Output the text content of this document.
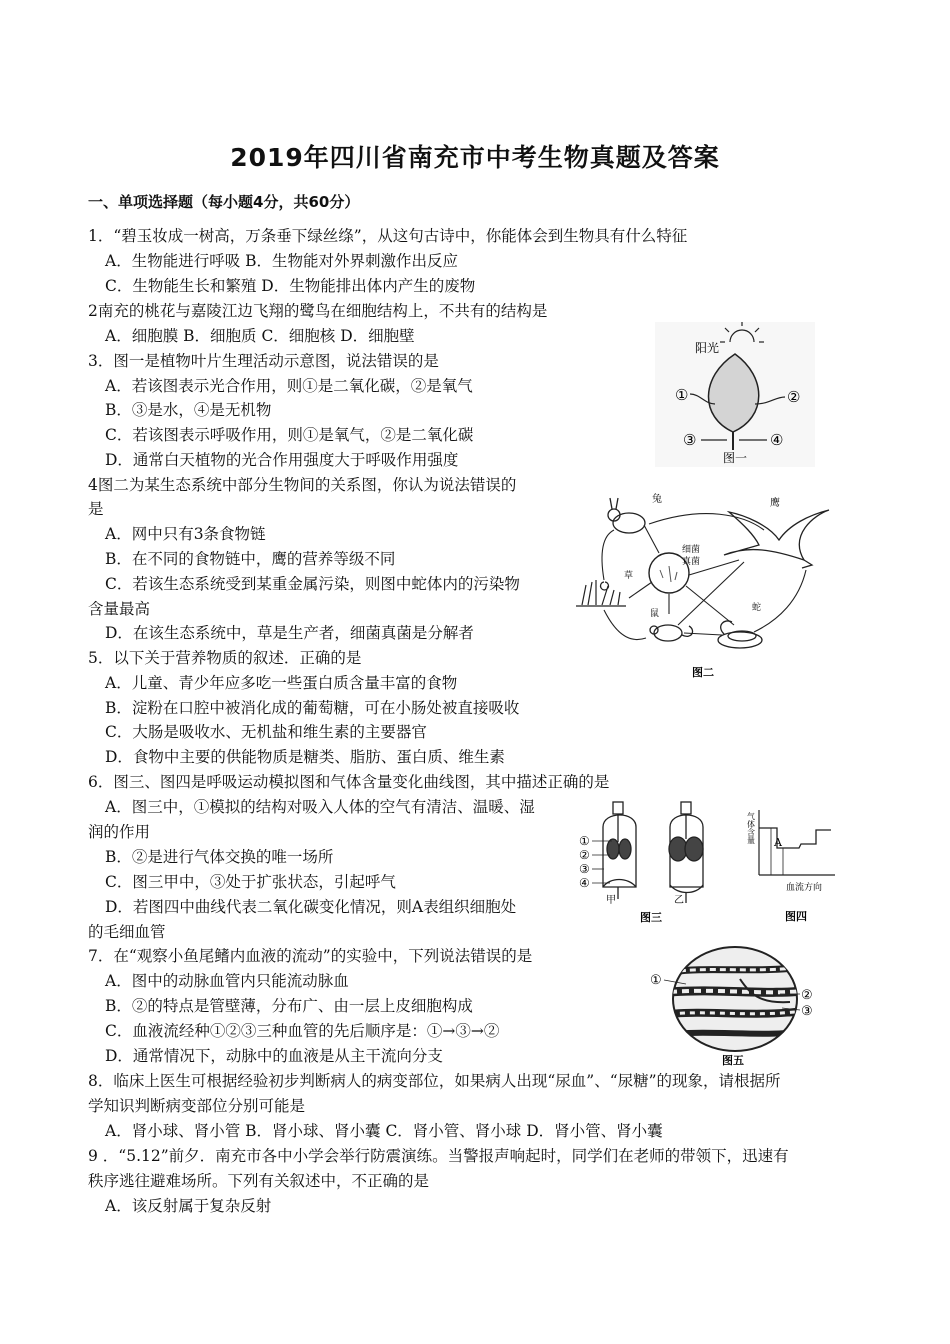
2019年四川省南充市中考生物真题及答案
一、单项选择题（每小题4分，共60分）
1．“碧玉妆成一树高，万条垂下绿丝绦”，从这句古诗中，你能体会到生物具有什么特征
A．生物能进行呼吸 B．生物能对外界刺激作出反应
C．生物能生长和繁殖 D．生物能排出体内产生的废物
2南充的桃花与嘉陵江边飞翔的鹭鸟在细胞结构上，不共有的结构是
A．细胞膜 B．细胞质 C．细胞核 D．细胞壁
3．图一是植物叶片生理活动示意图，说法错误的是
A．若该图表示光合作用，则①是二氧化碳，②是氧气
B．③是水，④是无机物
C．若该图表示呼吸作用，则①是氧气，②是二氧化碳
D．通常白天植物的光合作用强度大于呼吸作用强度
4图二为某生态系统中部分生物间的关系图，你认为说法错误的
是
A．网中只有3条食物链
B．在不同的食物链中，鹰的营养等级不同
C．若该生态系统受到某重金属污染，则图中蛇体内的污染物
含量最高
D．在该生态系统中，草是生产者，细菌真菌是分解者
5．以下关于营养物质的叙述．正确的是
A．儿童、青少年应多吃一些蛋白质含量丰富的食物
B．淀粉在口腔中被消化成的葡萄糖，可在小肠处被直接吸收
C．大肠是吸收水、无机盐和维生素的主要器官
D．食物中主要的供能物质是糖类、脂肪、蛋白质、维生素
6．图三、图四是呼吸运动模拟图和气体含量变化曲线图，其中描述正确的是
A．图三中，①模拟的结构对吸入人体的空气有清洁、温暖、湿
润的作用
B．②是进行气体交换的唯一场所
C．图三甲中，③处于扩张状态，引起呼气
D．若图四中曲线代表二氧化碳变化情况，则A表组织细胞处
的毛细血管
7．在“观察小鱼尾鳍内血液的流动”的实验中，下列说法错误的是
A．图中的动脉血管内只能流动脉血
B．②的特点是管壁薄，分布广、由一层上皮细胞构成
C．血液流经种①②③三种血管的先后顺序是：①→③→②
D．通常情况下，动脉中的血液是从主干流向分支
8．临床上医生可根据经验初步判断病人的病变部位，如果病人出现“尿血”、“尿糖”的现象，请根据所
学知识判断病变部位分别可能是
A．肾小球、肾小管 B．肾小球、肾小囊 C．肾小管、肾小球 D．肾小管、肾小囊
9 ．“5.12”前夕．南充市各中小学会举行防震演练。当警报声响起时，同学们在老师的带领下，迅速有
秩序逃往避难场所。下列有关叙述中，不正确的是
A．该反射属于复杂反射
阳光
①	②
③	④
图一
兔	鹰
细菌
真菌
草
鼠
蛇
图二
①
②
③
④
甲	乙
图三
A
气体含量
血流方向
图四
①
②
③
图五
